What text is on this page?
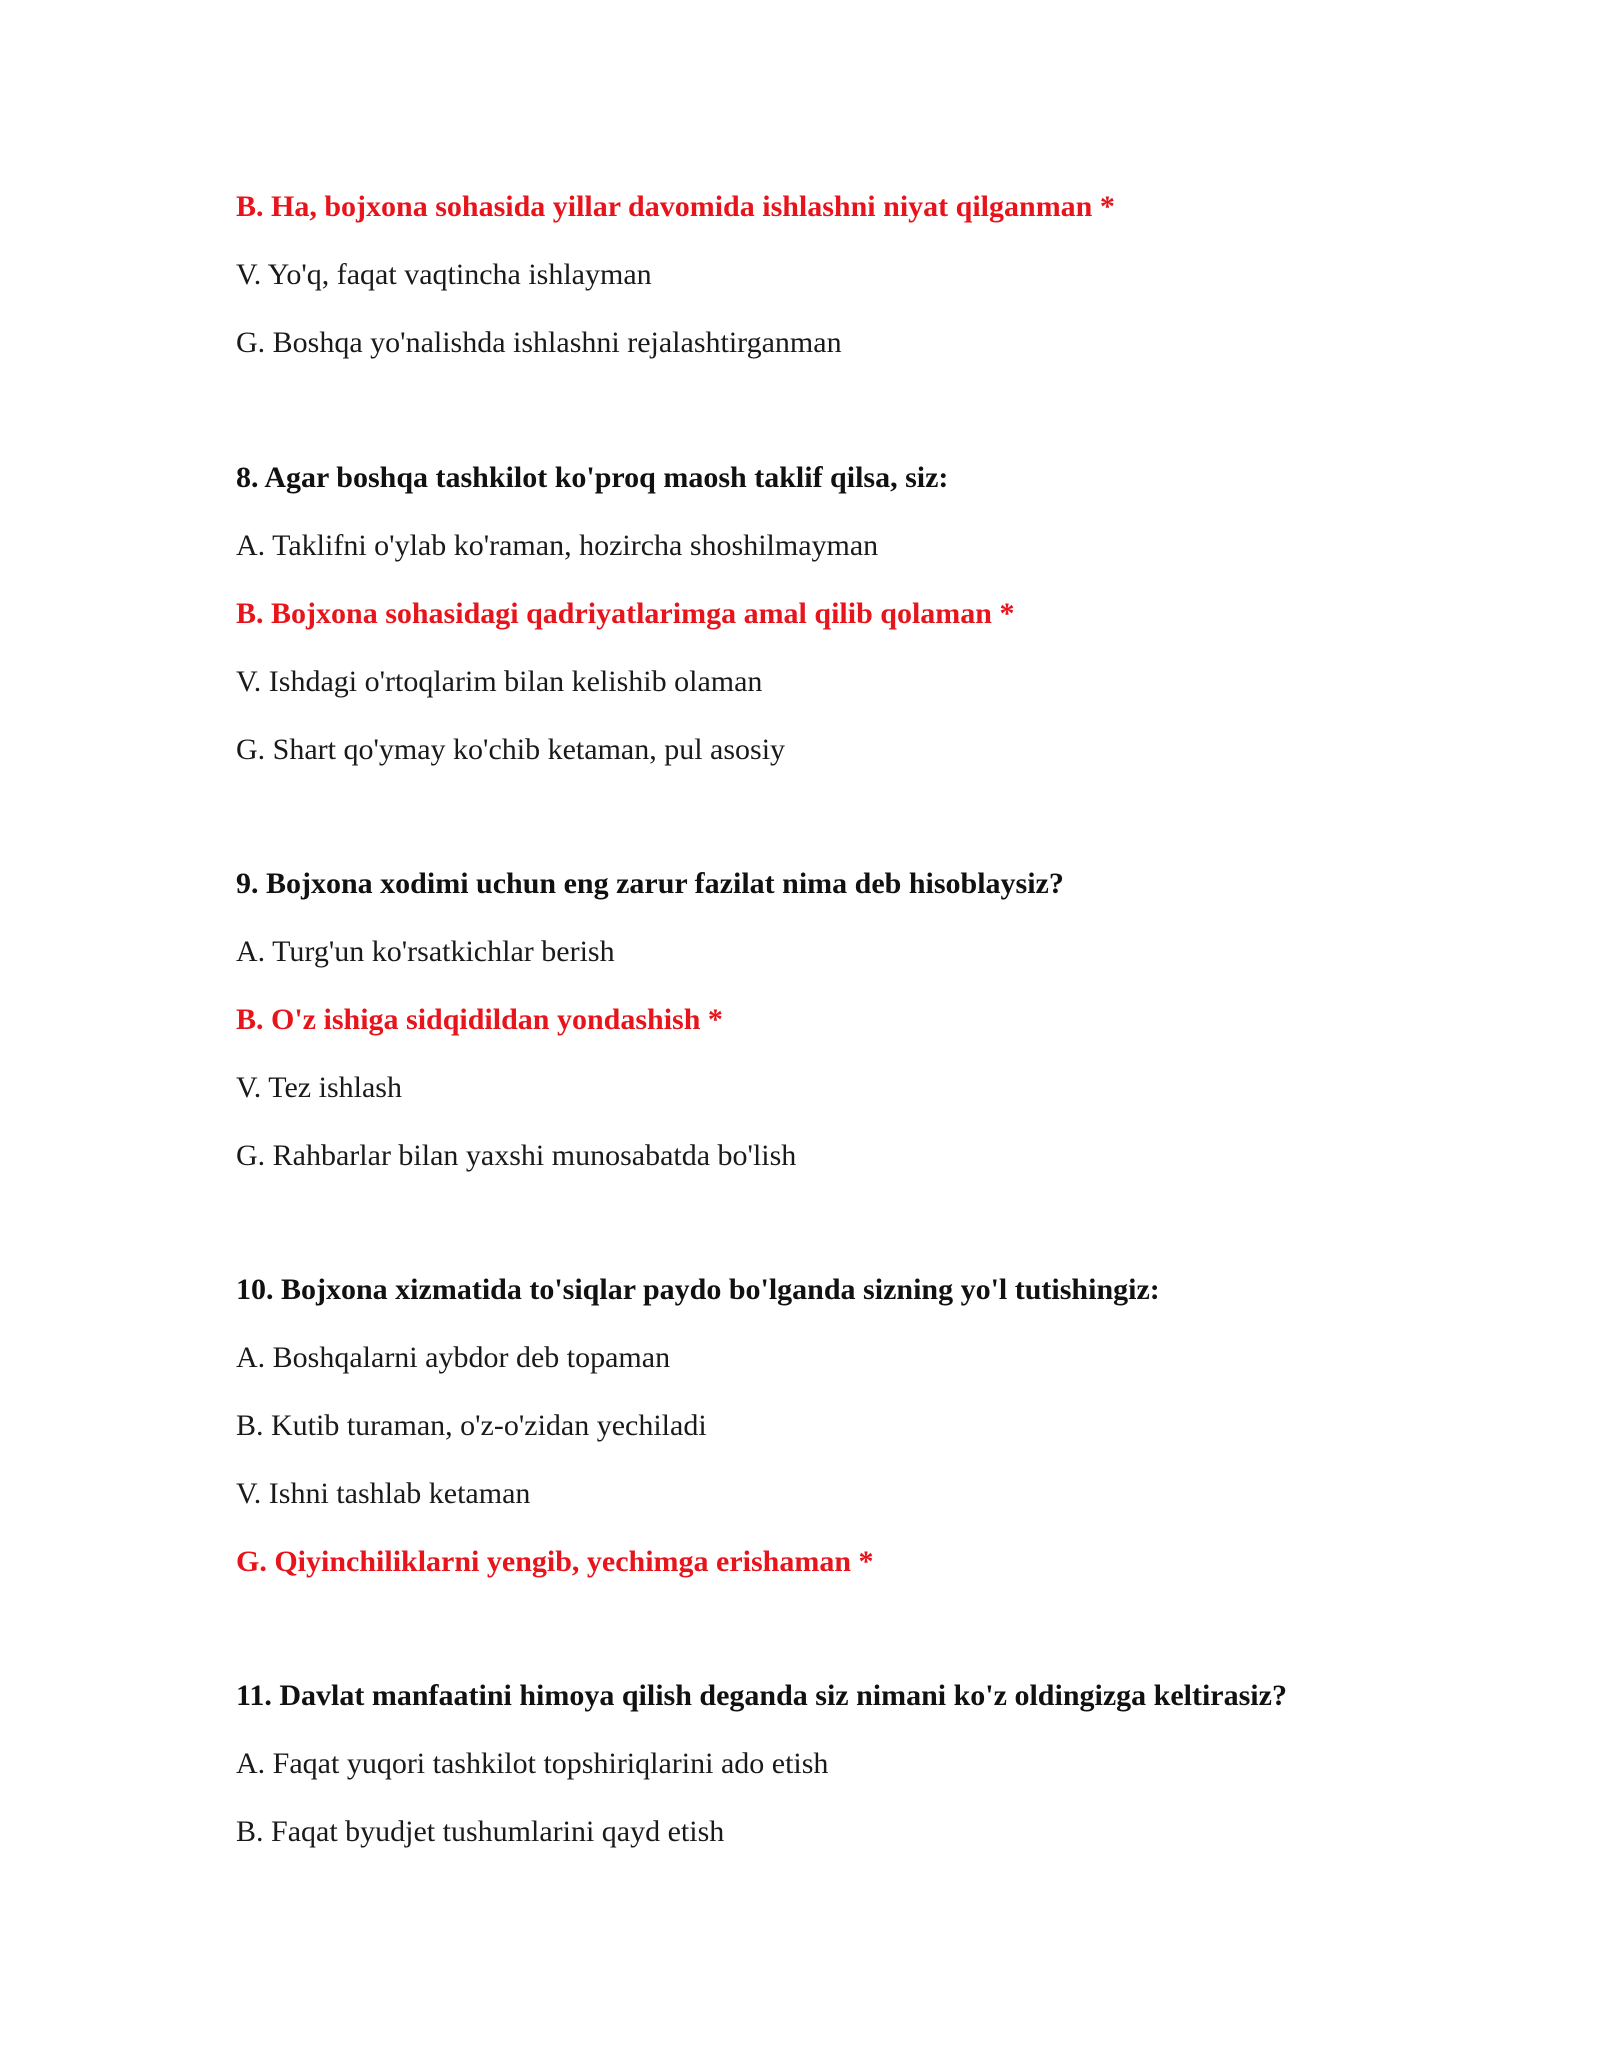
B. Ha, bojxona sohasida yillar davomida ishlashni niyat qilganman *
V. Yo'q, faqat vaqtincha ishlayman
G. Boshqa yo'nalishda ishlashni rejalashtirganman
8. Agar boshqa tashkilot ko'proq maosh taklif qilsa, siz:
A. Taklifni o'ylab ko'raman, hozircha shoshilmayman
B. Bojxona sohasidagi qadriyatlarimga amal qilib qolaman *
V. Ishdagi o'rtoqlarim bilan kelishib olaman
G. Shart qo'ymay ko'chib ketaman, pul asosiy
9. Bojxona xodimi uchun eng zarur fazilat nima deb hisoblaysiz?
A. Turg'un ko'rsatkichlar berish
B. O'z ishiga sidqidildan yondashish *
V. Tez ishlash
G. Rahbarlar bilan yaxshi munosabatda bo'lish
10. Bojxona xizmatida to'siqlar paydo bo'lganda sizning yo'l tutishingiz:
A. Boshqalarni aybdor deb topaman
B. Kutib turaman, o'z-o'zidan yechiladi
V. Ishni tashlab ketaman
G. Qiyinchiliklarni yengib, yechimga erishaman *
11. Davlat manfaatini himoya qilish deganda siz nimani ko'z oldingizga keltirasiz?
A. Faqat yuqori tashkilot topshiriqlarini ado etish
B. Faqat byudjet tushumlarini qayd etish
